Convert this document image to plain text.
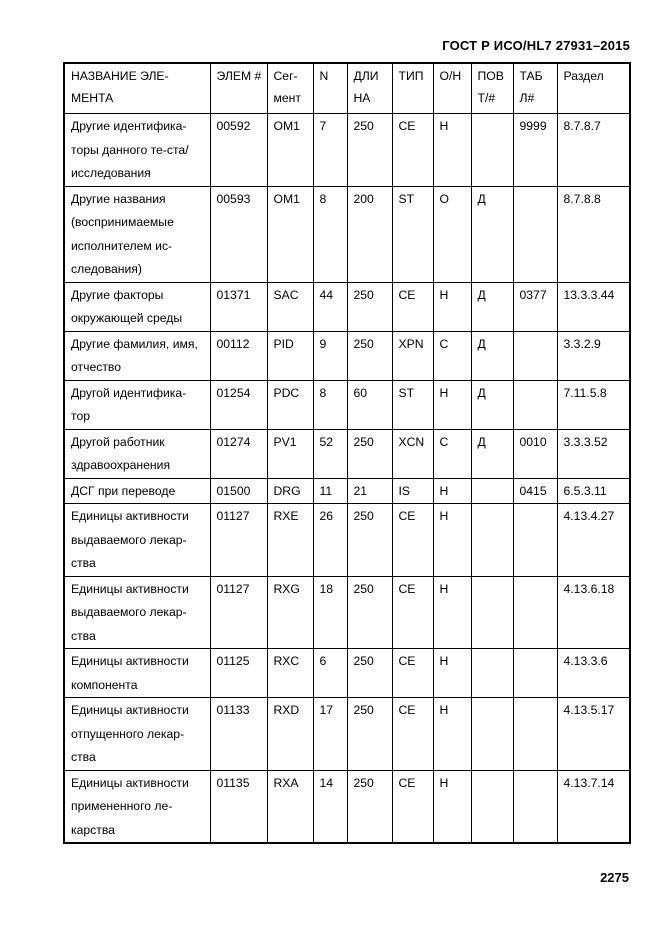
ГОСТ Р ИСО/HL7 27931–2015
НАЗВАНИЕ ЭЛЕ-МЕНТА	ЭЛЕМ #	Сег-мент	N	ДЛИ НА	ТИП	О/Н	ПОВ Т/#	ТАБ Л#	Раздел
Другие идентифика-торы данного те-ста/исследования	00592	OM1	7	250	CE	Н		9999	8.7.8.7
Другие названия (воспринимаемые исполнителем ис-следования)	00593	OM1	8	200	ST	О	Д		8.7.8.8
Другие факторы окружающей среды	01371	SAC	44	250	CE	Н	Д	0377	13.3.3.44
Другие фамилия, имя, отчество	00112	PID	9	250	XPN	С	Д		3.3.2.9
Другой идентифика-тор	01254	PDC	8	60	ST	Н	Д		7.11.5.8
Другой работник здравоохранения	01274	PV1	52	250	XCN	С	Д	0010	3.3.3.52
ДСГ при переводе	01500	DRG	11	21	IS	Н		0415	6.5.3.11
Единицы активности выдаваемого лекар-ства	01127	RXE	26	250	CE	Н			4.13.4.27
Единицы активности выдаваемого лекар-ства	01127	RXG	18	250	CE	Н			4.13.6.18
Единицы активности компонента	01125	RXC	6	250	CE	Н			4.13.3.6
Единицы активности отпущенного лекар-ства	01133	RXD	17	250	CE	Н			4.13.5.17
Единицы активности примененного ле-карства	01135	RXA	14	250	CE	Н			4.13.7.14
2275
